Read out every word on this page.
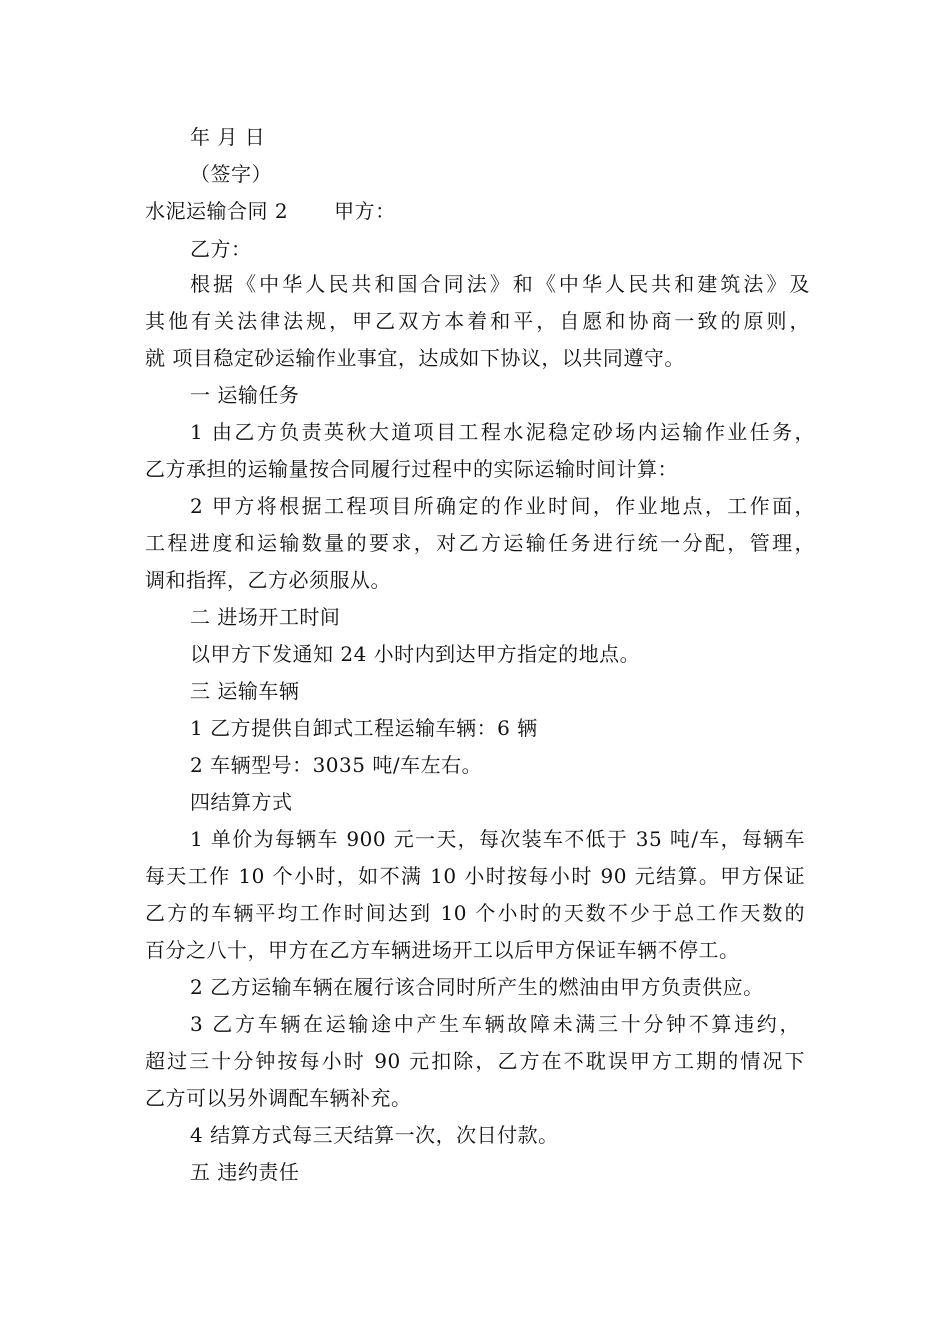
年 月 日
（签字）
水泥运输合同 2 甲方：
乙方：
根据《中华人民共和国合同法》和《中华人民共和建筑法》及
其他有关法律法规，甲乙双方本着和平，自愿和协商一致的原则，
就 项目稳定砂运输作业事宜，达成如下协议，以共同遵守。
一 运输任务
1 由乙方负责英秋大道项目工程水泥稳定砂场内运输作业任务，
乙方承担的运输量按合同履行过程中的实际运输时间计算：
2 甲方将根据工程项目所确定的作业时间，作业地点，工作面，
工程进度和运输数量的要求，对乙方运输任务进行统一分配，管理，
调和指挥，乙方必须服从。
二 进场开工时间
以甲方下发通知 24 小时内到达甲方指定的地点。
三 运输车辆
1 乙方提供自卸式工程运输车辆：6 辆
2 车辆型号：3035 吨/车左右。
四结算方式
1 单价为每辆车 900 元一天，每次装车不低于 35 吨/车，每辆车
每天工作 10 个小时，如不满 10 小时按每小时 90 元结算。甲方保证
乙方的车辆平均工作时间达到 10 个小时的天数不少于总工作天数的
百分之八十，甲方在乙方车辆进场开工以后甲方保证车辆不停工。
2 乙方运输车辆在履行该合同时所产生的燃油由甲方负责供应。
3 乙方车辆在运输途中产生车辆故障未满三十分钟不算违约，
超过三十分钟按每小时 90 元扣除，乙方在不耽误甲方工期的情况下
乙方可以另外调配车辆补充。
4 结算方式每三天结算一次，次日付款。
五 违约责任
